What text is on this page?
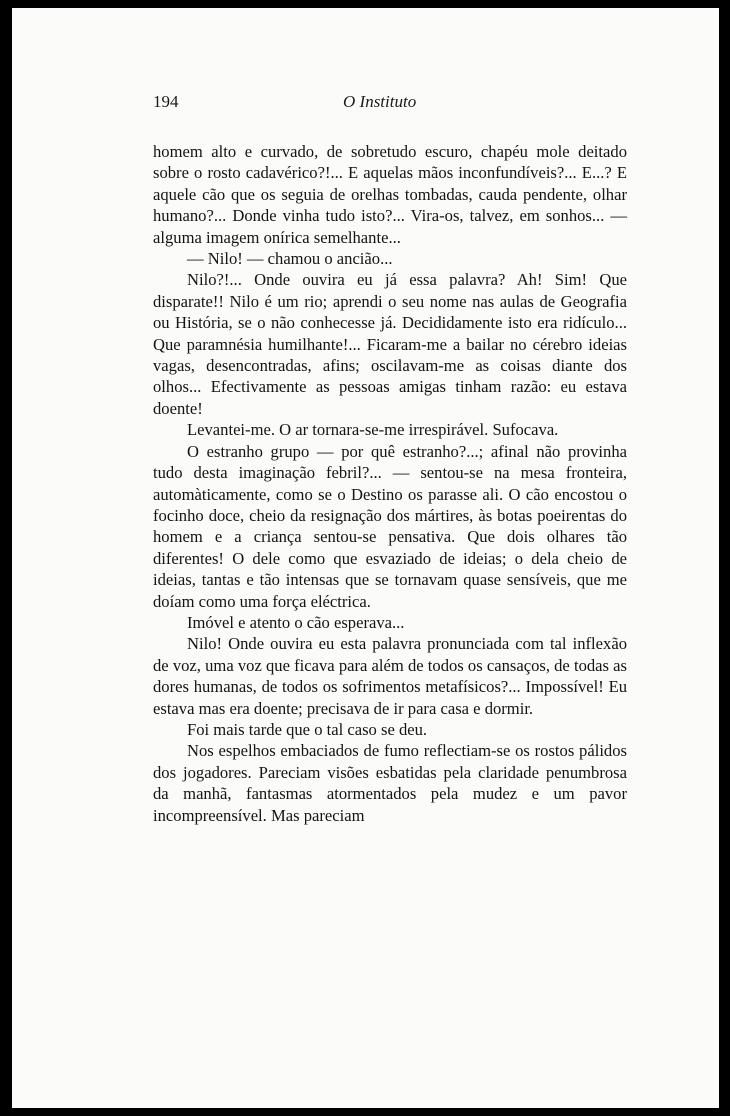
194	O Instituto

homem alto e curvado, de sobretudo escuro, chapéu mole deitado sobre o rosto cadavérico?!... E aquelas mãos inconfundíveis?... E...? E aquele cão que os seguia de orelhas tombadas, cauda pendente, olhar humano?... Donde vinha tudo isto?... Vira-os, talvez, em sonhos... — alguma imagem onírica semelhante...

— Nilo! — chamou o ancião...

Nilo?!... Onde ouvira eu já essa palavra? Ah! Sim! Que disparate!! Nilo é um rio; aprendi o seu nome nas aulas de Geografia ou História, se o não conhecesse já. Decididamente isto era ridículo... Que paramnésia humilhante!... Ficaram-me a bailar no cérebro ideias vagas, desencontradas, afins; oscilavam-me as coisas diante dos olhos... Efectivamente as pessoas amigas tinham razão: eu estava doente!

Levantei-me. O ar tornara-se-me irrespirável. Sufocava.

O estranho grupo — por quê estranho?...; afinal não provinha tudo desta imaginação febril?... — sentou-se na mesa fronteira, automàticamente, como se o Destino os parasse ali. O cão encostou o focinho doce, cheio da resignação dos mártires, às botas poeirentas do homem e a criança sentou-se pensativa. Que dois olhares tão diferentes! O dele como que esvaziado de ideias; o dela cheio de ideias, tantas e tão intensas que se tornavam quase sensíveis, que me doíam como uma força eléctrica.

Imóvel e atento o cão esperava...

Nilo! Onde ouvira eu esta palavra pronunciada com tal inflexão de voz, uma voz que ficava para além de todos os cansaços, de todas as dores humanas, de todos os sofrimentos metafísicos?... Impossível! Eu estava mas era doente; precisava de ir para casa e dormir.

Foi mais tarde que o tal caso se deu.

Nos espelhos embaciados de fumo reflectiam-se os rostos pálidos dos jogadores. Pareciam visões esbatidas pela claridade penumbrosa da manhã, fantasmas atormentados pela mudez e um pavor incompreensível. Mas pareciam
